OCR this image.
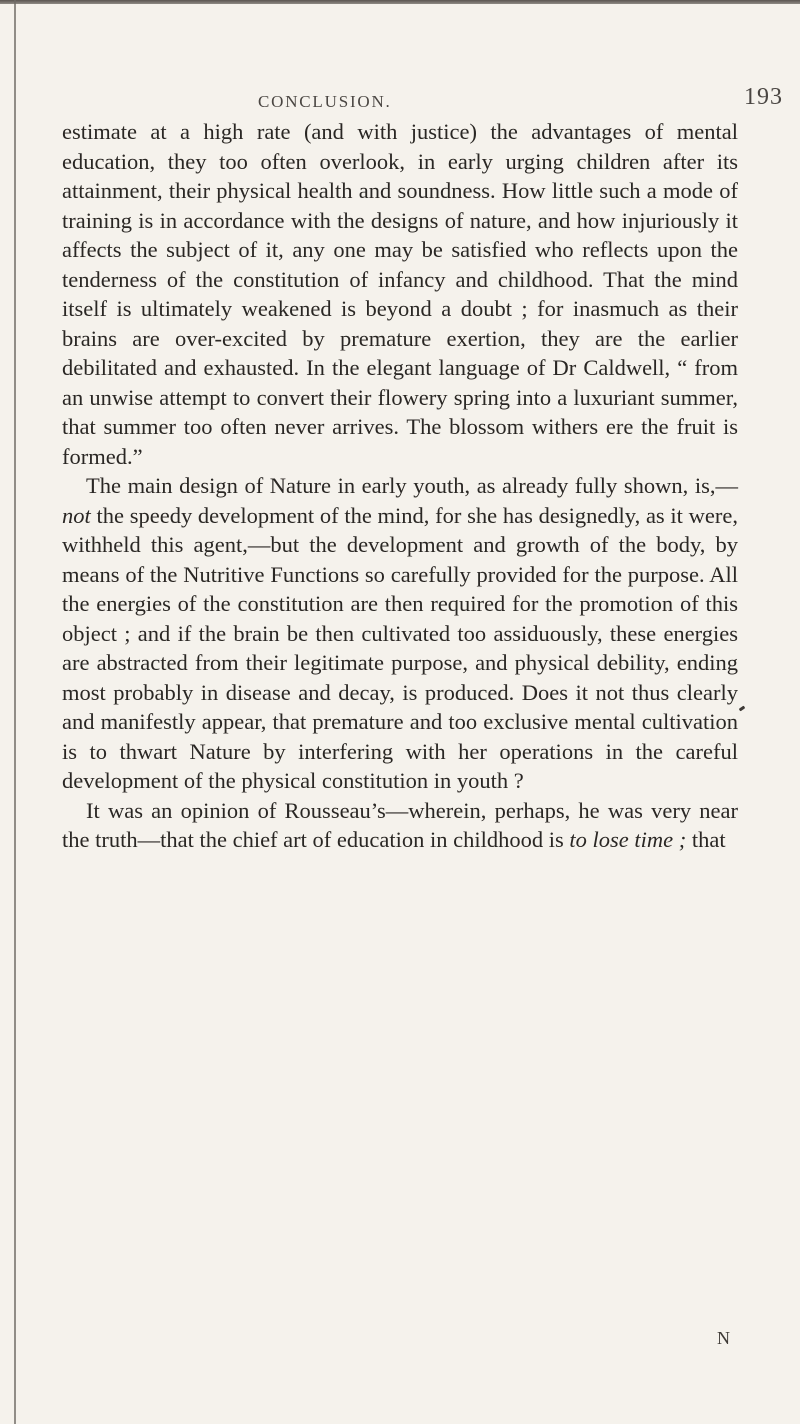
CONCLUSION.	193

estimate at a high rate (and with justice) the advantages of mental education, they too often overlook, in early urging children after its attainment, their physical health and soundness. How little such a mode of training is in accordance with the designs of nature, and how injuriously it affects the subject of it, any one may be satisfied who reflects upon the tenderness of the constitution of infancy and childhood. That the mind itself is ultimately weakened is beyond a doubt ; for inasmuch as their brains are over-excited by premature exertion, they are the earlier debilitated and exhausted. In the elegant language of Dr Caldwell, “ from an unwise attempt to convert their flowery spring into a luxuriant summer, that summer too often never arrives. The blossom withers ere the fruit is formed.”

The main design of Nature in early youth, as already fully shown, is,—not the speedy development of the mind, for she has designedly, as it were, withheld this agent,—but the development and growth of the body, by means of the Nutritive Functions so carefully provided for the purpose. All the energies of the constitution are then required for the promotion of this object ; and if the brain be then cultivated too assiduously, these energies are abstracted from their legitimate purpose, and physical debility, ending most probably in disease and decay, is produced. Does it not thus clearly and manifestly appear, that premature and too exclusive mental cultivation is to thwart Nature by interfering with her operations in the careful development of the physical constitution in youth ?

It was an opinion of Rousseau’s—wherein, perhaps, he was very near the truth—that the chief art of education in childhood is to lose time ; that

N
